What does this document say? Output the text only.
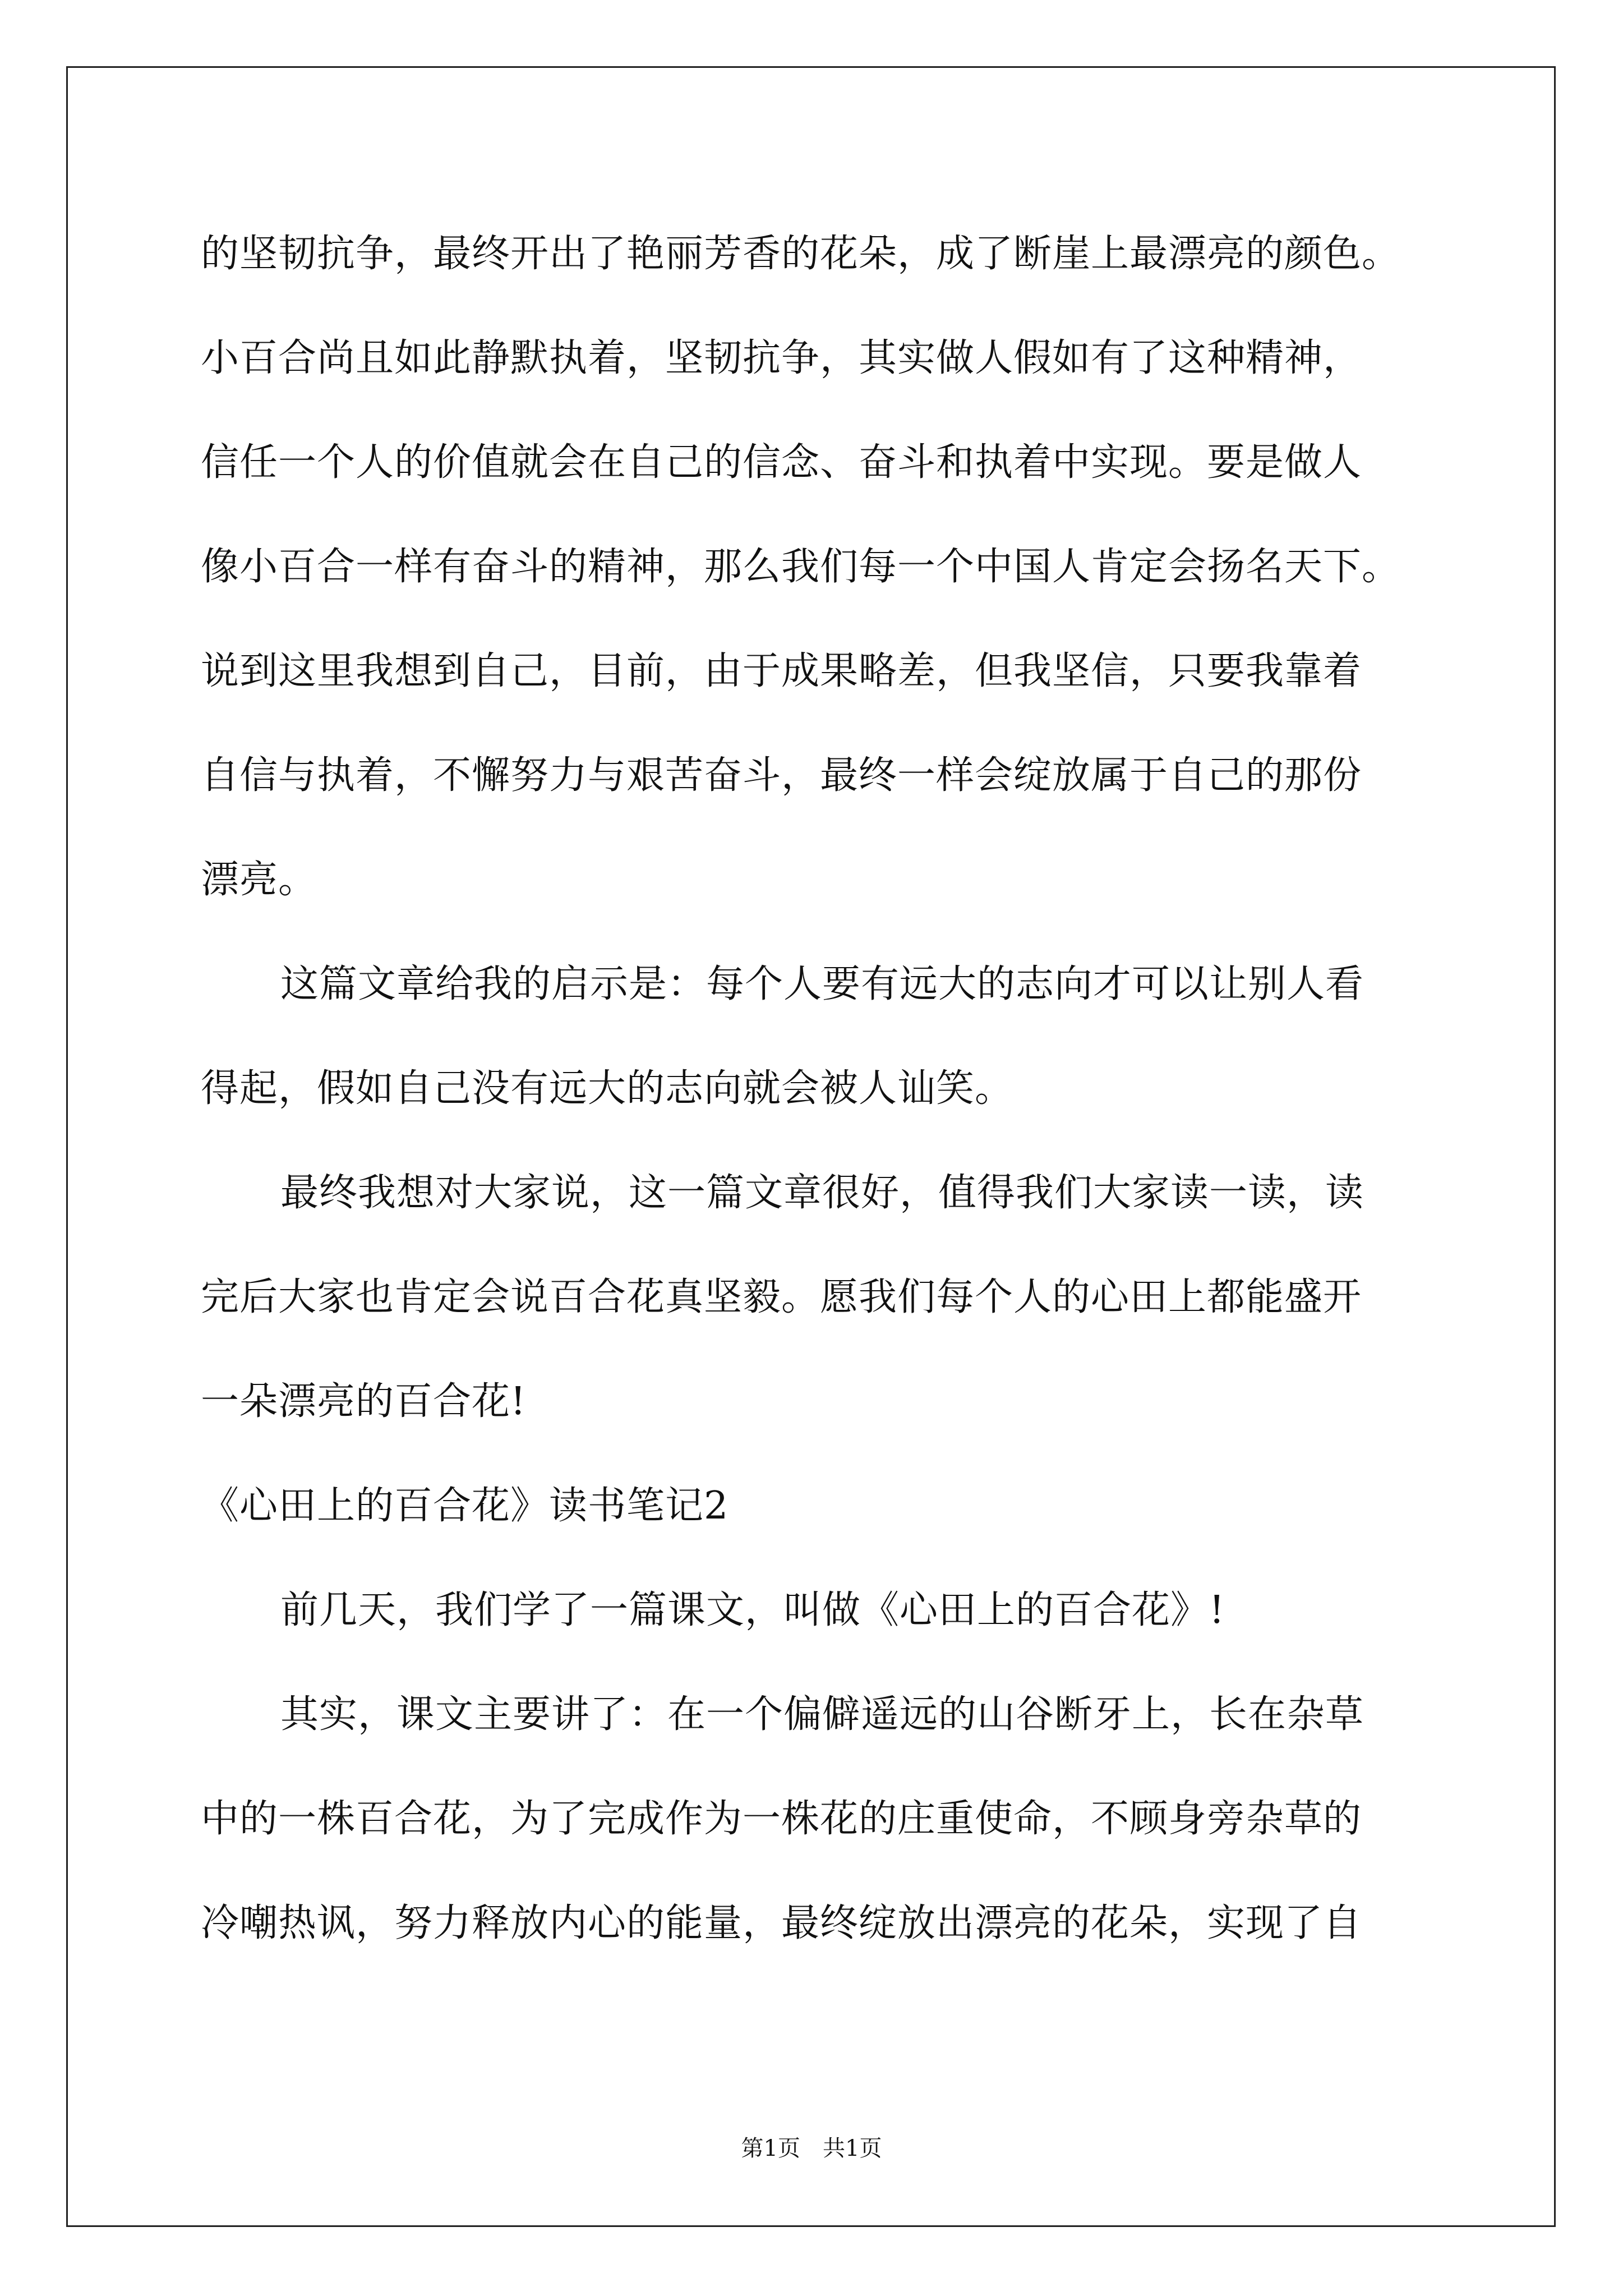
的坚韧抗争，最终开出了艳丽芳香的花朵，成了断崖上最漂亮的颜色。
小百合尚且如此静默执着，坚韧抗争，其实做人假如有了这种精神，
信任一个人的价值就会在自己的信念、奋斗和执着中实现。要是做人
像小百合一样有奋斗的精神，那么我们每一个中国人肯定会扬名天下。
说到这里我想到自己，目前，由于成果略差，但我坚信，只要我靠着
自信与执着，不懈努力与艰苦奋斗，最终一样会绽放属于自己的那份
漂亮。
这篇文章给我的启示是：每个人要有远大的志向才可以让别人看
得起，假如自己没有远大的志向就会被人讪笑。
最终我想对大家说，这一篇文章很好，值得我们大家读一读，读
完后大家也肯定会说百合花真坚毅。愿我们每个人的心田上都能盛开
一朵漂亮的百合花!
《心田上的百合花》读书笔记2
前几天，我们学了一篇课文，叫做《心田上的百合花》!
其实，课文主要讲了：在一个偏僻遥远的山谷断牙上，长在杂草
中的一株百合花，为了完成作为一株花的庄重使命，不顾身旁杂草的
冷嘲热讽，努力释放内心的能量，最终绽放出漂亮的花朵，实现了自
第1页　共1页
